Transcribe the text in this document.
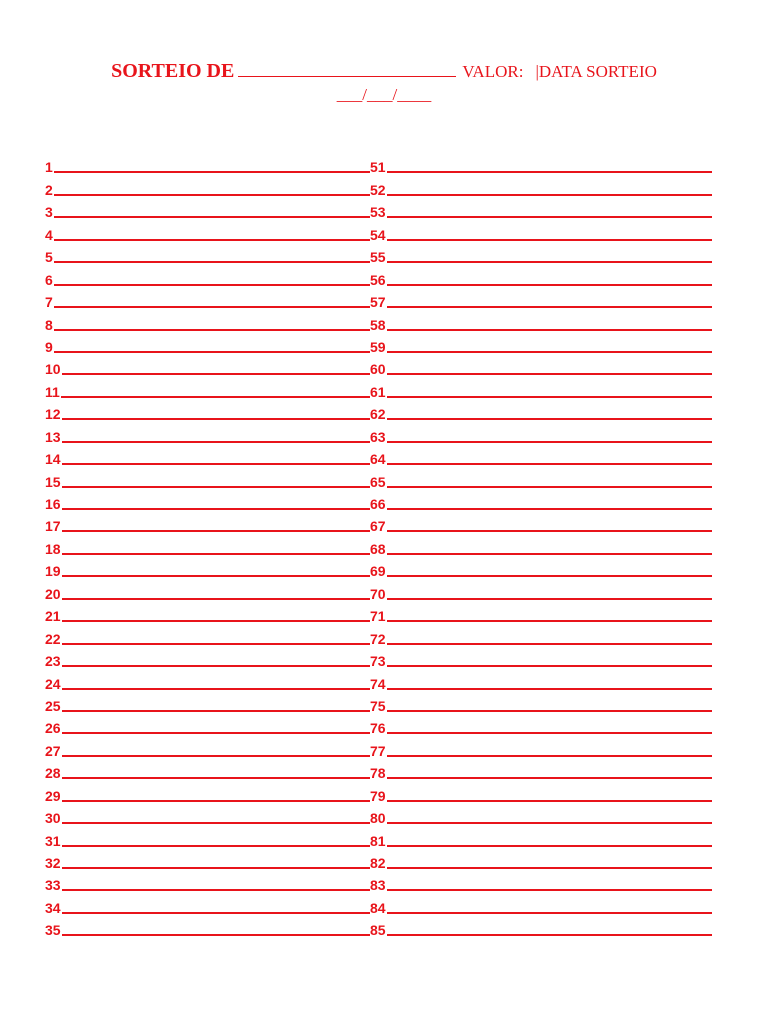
SORTEIO DE	VALOR: |DATA SORTEIO
___/___/____
1
2
3
4
5
6
7
8
9
10
11
12
13
14
15
16
17
18
19
20
21
22
23
24
25
26
27
28
29
30
31
32
33
34
35
51
52
53
54
55
56
57
58
59
60
61
62
63
64
65
66
67
68
69
70
71
72
73
74
75
76
77
78
79
80
81
82
83
84
85
